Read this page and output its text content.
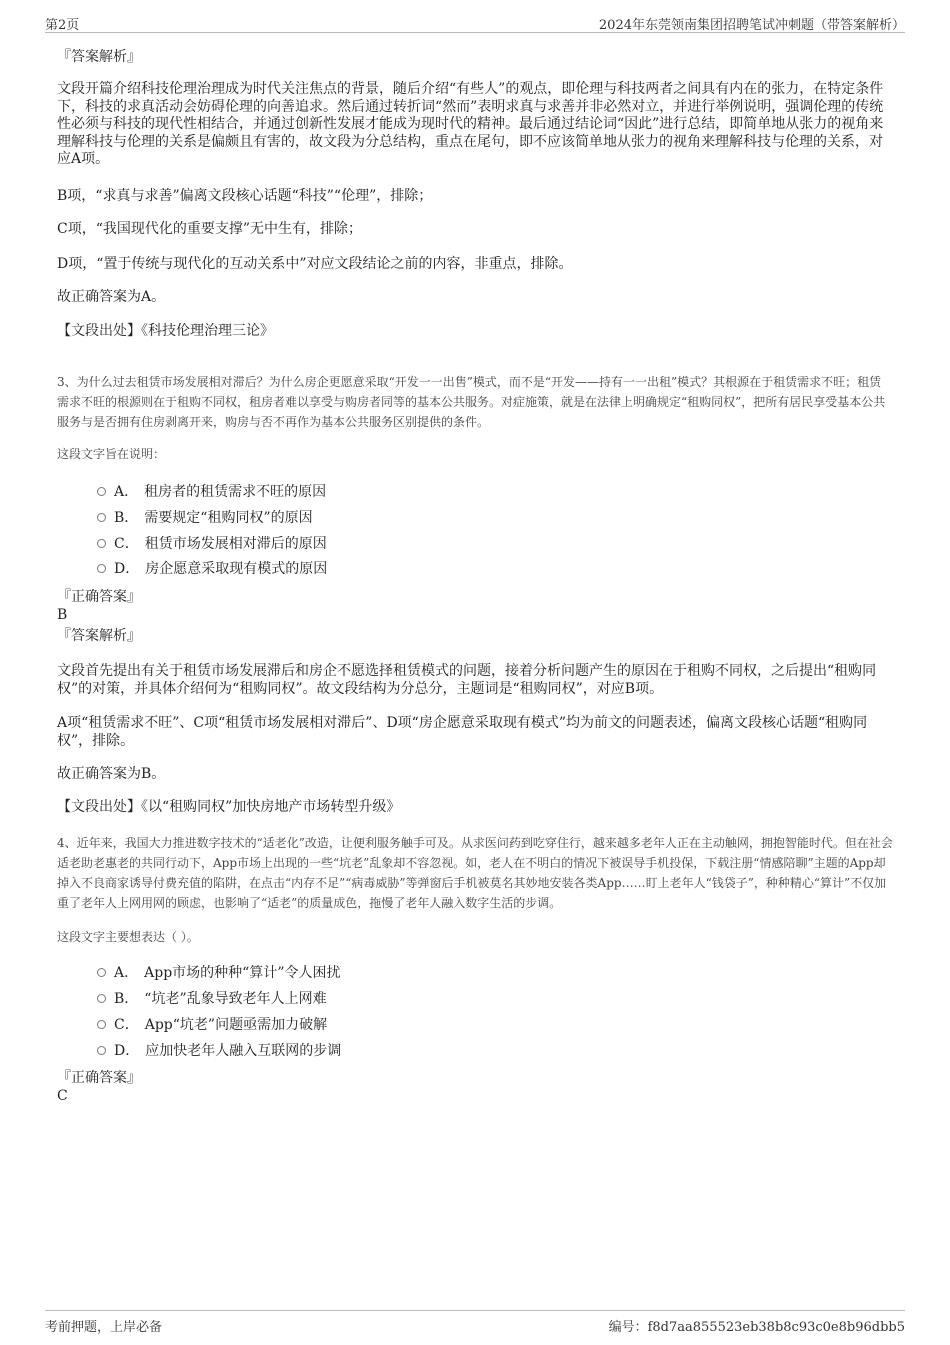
第2页	2024年东莞领南集团招聘笔试冲刺题（带答案解析）
『答案解析』
文段开篇介绍科技伦理治理成为时代关注焦点的背景，随后介绍“有些人”的观点，即伦理与科技两者之间具有内在的张力，在特定条件下，科技的求真活动会妨碍伦理的向善追求。然后通过转折词“然而”表明求真与求善并非必然对立，并进行举例说明，强调伦理的传统性必须与科技的现代性相结合，并通过创新性发展才能成为现时代的精神。最后通过结论词“因此”进行总结，即简单地从张力的视角来理解科技与伦理的关系是偏颇且有害的，故文段为分总结构，重点在尾句，即不应该简单地从张力的视角来理解科技与伦理的关系，对应A项。
B项，“求真与求善”偏离文段核心话题“科技”“伦理”，排除；
C项，“我国现代化的重要支撑”无中生有，排除；
D项，“置于传统与现代化的互动关系中”对应文段结论之前的内容，非重点，排除。
故正确答案为A。
【文段出处】《科技伦理治理三论》
3、为什么过去租赁市场发展相对滞后？为什么房企更愿意采取“开发一一出售”模式，而不是“开发——持有一一出租”模式？其根源在于租赁需求不旺；租赁需求不旺的根源则在于租购不同权，租房者难以享受与购房者同等的基本公共服务。对症施策，就是在法律上明确规定“租购同权”，把所有居民享受基本公共服务与是否拥有住房剥离开来，购房与否不再作为基本公共服务区别提供的条件。
这段文字旨在说明：
A． 租房者的租赁需求不旺的原因
B． 需要规定“租购同权”的原因
C． 租赁市场发展相对滞后的原因
D． 房企愿意采取现有模式的原因
『正确答案』
B
『答案解析』
文段首先提出有关于租赁市场发展滞后和房企不愿选择租赁模式的问题，接着分析问题产生的原因在于租购不同权，之后提出“租购同权”的对策，并具体介绍何为“租购同权”。故文段结构为分总分，主题词是“租购同权”，对应B项。
A项“租赁需求不旺”、C项“租赁市场发展相对滞后”、D项“房企愿意采取现有模式”均为前文的问题表述，偏离文段核心话题“租购同权”，排除。
故正确答案为B。
【文段出处】《以“租购同权”加快房地产市场转型升级》
4、近年来，我国大力推进数字技术的“适老化”改造，让便利服务触手可及。从求医问药到吃穿住行，越来越多老年人正在主动触网，拥抱智能时代。但在社会适老助老惠老的共同行动下，App市场上出现的一些“坑老”乱象却不容忽视。如，老人在不明白的情况下被误导手机投保，下载注册“情感陪聊”主题的App却掉入不良商家诱导付费充值的陷阱，在点击“内存不足”“病毒威胁”等弹窗后手机被莫名其妙地安装各类App……盯上老年人“钱袋子”，种种精心“算计”不仅加重了老年人上网用网的顾虑，也影响了“适老”的质量成色，拖慢了老年人融入数字生活的步调。
这段文字主要想表达（ ）。
A． App市场的种种“算计”令人困扰
B． “坑老”乱象导致老年人上网难
C． App“坑老”问题亟需加力破解
D． 应加快老年人融入互联网的步调
『正确答案』
C
考前押题，上岸必备	编号：f8d7aa855523eb38b8c93c0e8b96dbb5
